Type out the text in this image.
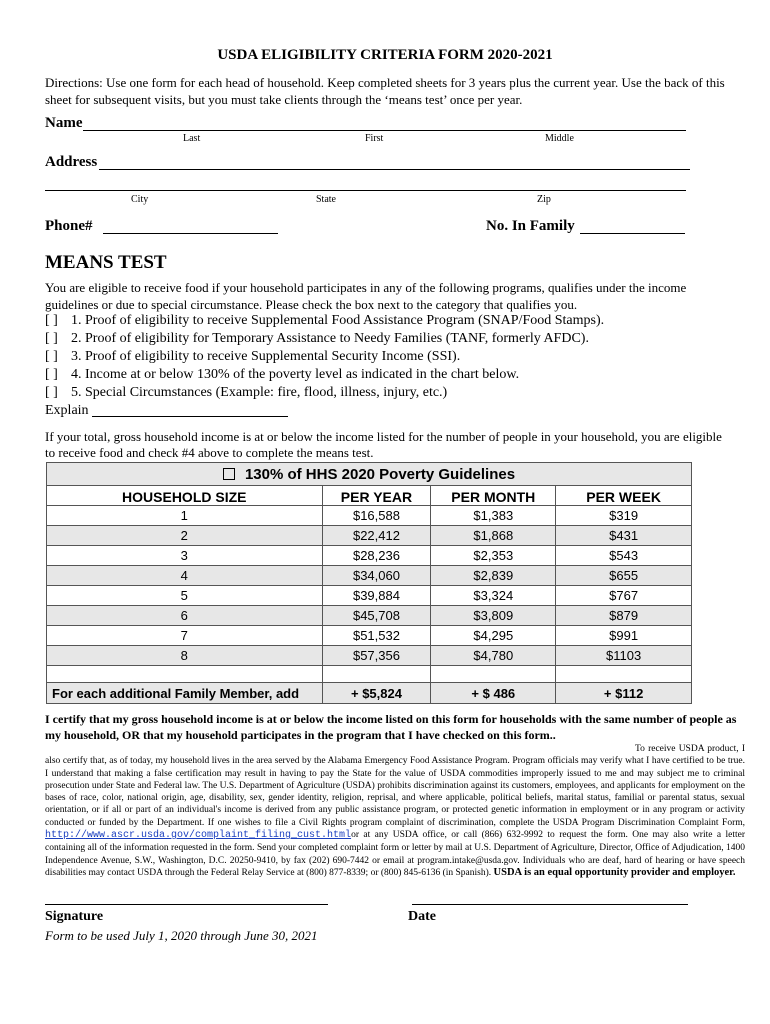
USDA ELIGIBILITY CRITERIA FORM 2020-2021
Directions: Use one form for each head of household. Keep completed sheets for 3 years plus the current year. Use the back of this sheet for subsequent visits, but you must take clients through the ‘means test’ once per year.
Name
Last	First	Middle
Address
City	State	Zip
Phone#	No. In Family
MEANS TEST
You are eligible to receive food if your household participates in any of the following programs, qualifies under the income guidelines or due to special circumstance. Please check the box next to the category that qualifies you.
[ ] 1. Proof of eligibility to receive Supplemental Food Assistance Program (SNAP/Food Stamps).
[ ] 2. Proof of eligibility for Temporary Assistance to Needy Families (TANF, formerly AFDC).
[ ] 3. Proof of eligibility to receive Supplemental Security Income (SSI).
[ ] 4. Income at or below 130% of the poverty level as indicated in the chart below.
[ ] 5. Special Circumstances (Example: fire, flood, illness, injury, etc.)
Explain
If your total, gross household income is at or below the income listed for the number of people in your household, you are eligible to receive food and check #4 above to complete the means test.
130% of HHS 2020 Poverty Guidelines			
HOUSEHOLD SIZE	PER YEAR	PER MONTH	PER WEEK
1	$16,588	$1,383	$319
2	$22,412	$1,868	$431
3	$28,236	$2,353	$543
4	$34,060	$2,839	$655
5	$39,884	$3,324	$767
6	$45,708	$3,809	$879
7	$51,532	$4,295	$991
8	$57,356	$4,780	$1103

For each additional Family Member, add	+ $5,824	+ $ 486	+ $112
I certify that my gross household income is at or below the income listed on this form for households with the same number of people as my household, OR that my household participates in the program that I have checked on this form..
To receive USDA product, I also certify that, as of today, my household lives in the area served by the Alabama Emergency Food Assistance Program. Program officials may verify what I have certified to be true. I understand that making a false certification may result in having to pay the State for the value of USDA commodities improperly issued to me and may subject me to criminal prosecution under State and Federal law. The U.S. Department of Agriculture (USDA) prohibits discrimination against its customers, employees, and applicants for employment on the bases of race, color, national origin, age, disability, sex, gender identity, religion, reprisal, and where applicable, political beliefs, marital status, familial or parental status, sexual orientation, or if all or part of an individual's income is derived from any public assistance program, or protected genetic information in employment or in any program or activity conducted or funded by the Department. If one wishes to file a Civil Rights program complaint of discrimination, complete the USDA Program Discrimination Complaint Form, http://www.ascr.usda.gov/complaint_filing_cust.htmlor at any USDA office, or call (866) 632-9992 to request the form. One may also write a letter containing all of the information requested in the form. Send your completed complaint form or letter by mail at U.S. Department of Agriculture, Director, Office of Adjudication, 1400 Independence Avenue, S.W., Washington, D.C. 20250-9410, by fax (202) 690-7442 or email at program.intake@usda.gov. Individuals who are deaf, hard of hearing or have speech disabilities may contact USDA through the Federal Relay Service at (800) 877-8339; or (800) 845-6136 (in Spanish). USDA is an equal opportunity provider and employer.
Signature	Date
Form to be used July 1, 2020 through June 30, 2021
